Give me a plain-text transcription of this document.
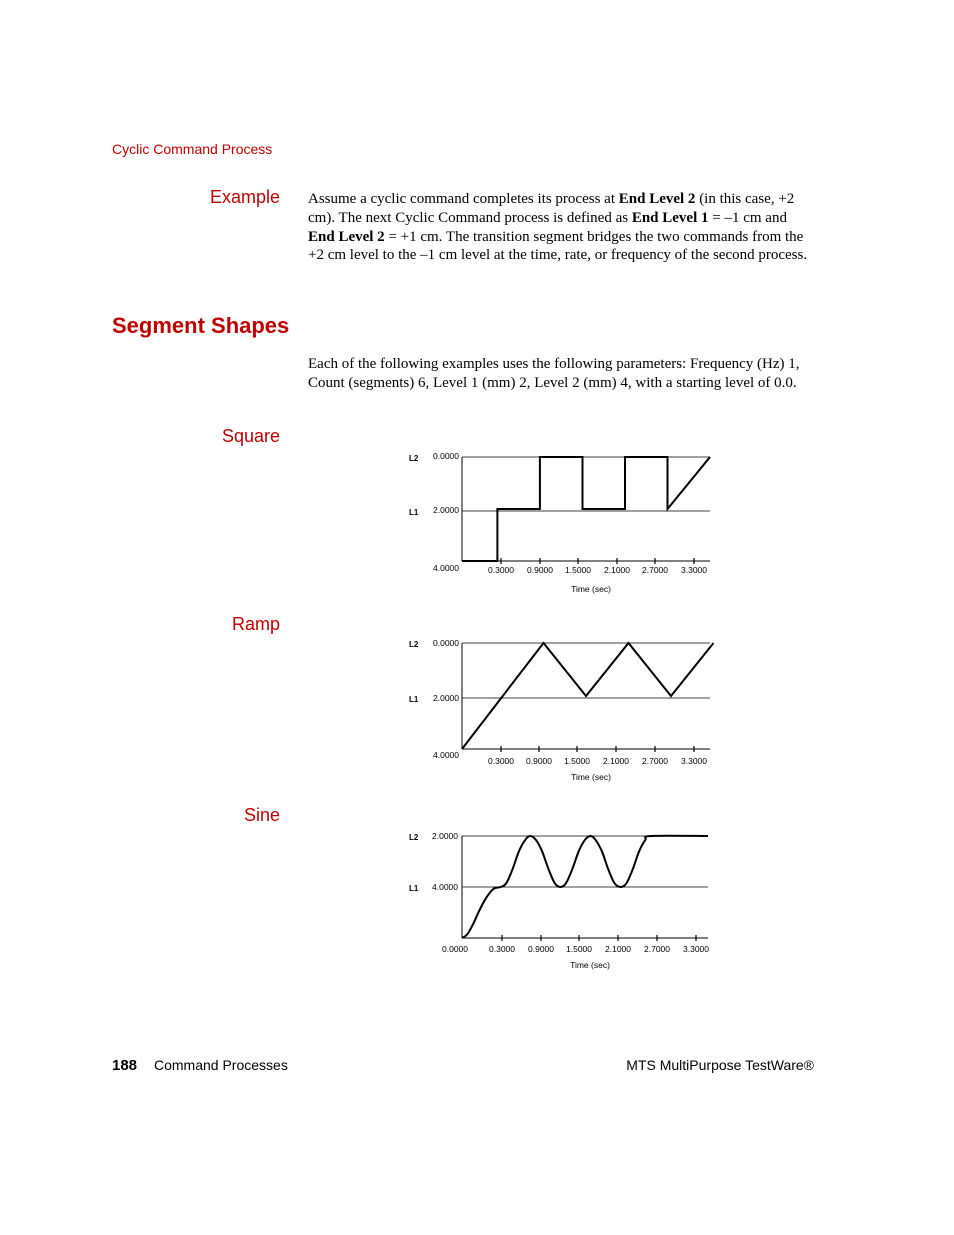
Cyclic Command Process
Example Assume a cyclic command completes its process at End Level 2 (in this case, +2 cm). The next Cyclic Command process is defined as End Level 1 = –1 cm and End Level 2 = +1 cm. The transition segment bridges the two commands from the +2 cm level to the –1 cm level at the time, rate, or frequency of the second process.
Segment Shapes
Each of the following examples uses the following parameters: Frequency (Hz) 1, Count (segments) 6, Level 1 (mm) 2, Level 2 (mm) 4, with a starting level of 0.0.
Square
L2
L1
0.0000
2.0000
4.0000	0.3000 0.9000 1.5000 2.1000 2.7000 3.3000
Time (sec)
Ramp
L2
L1
0.0000
2.0000
4.0000
0.3000 0.9000 1.5000 2.1000 2.7000 3.3000
Time (sec)
Sine
L2
L1
2.0000
4.0000
0.0000 0.3000 0.9000 1.5000 2.1000 2.7000 3.3000
Time (sec)
188 Command Processes	MTS MultiPurpose TestWare®
